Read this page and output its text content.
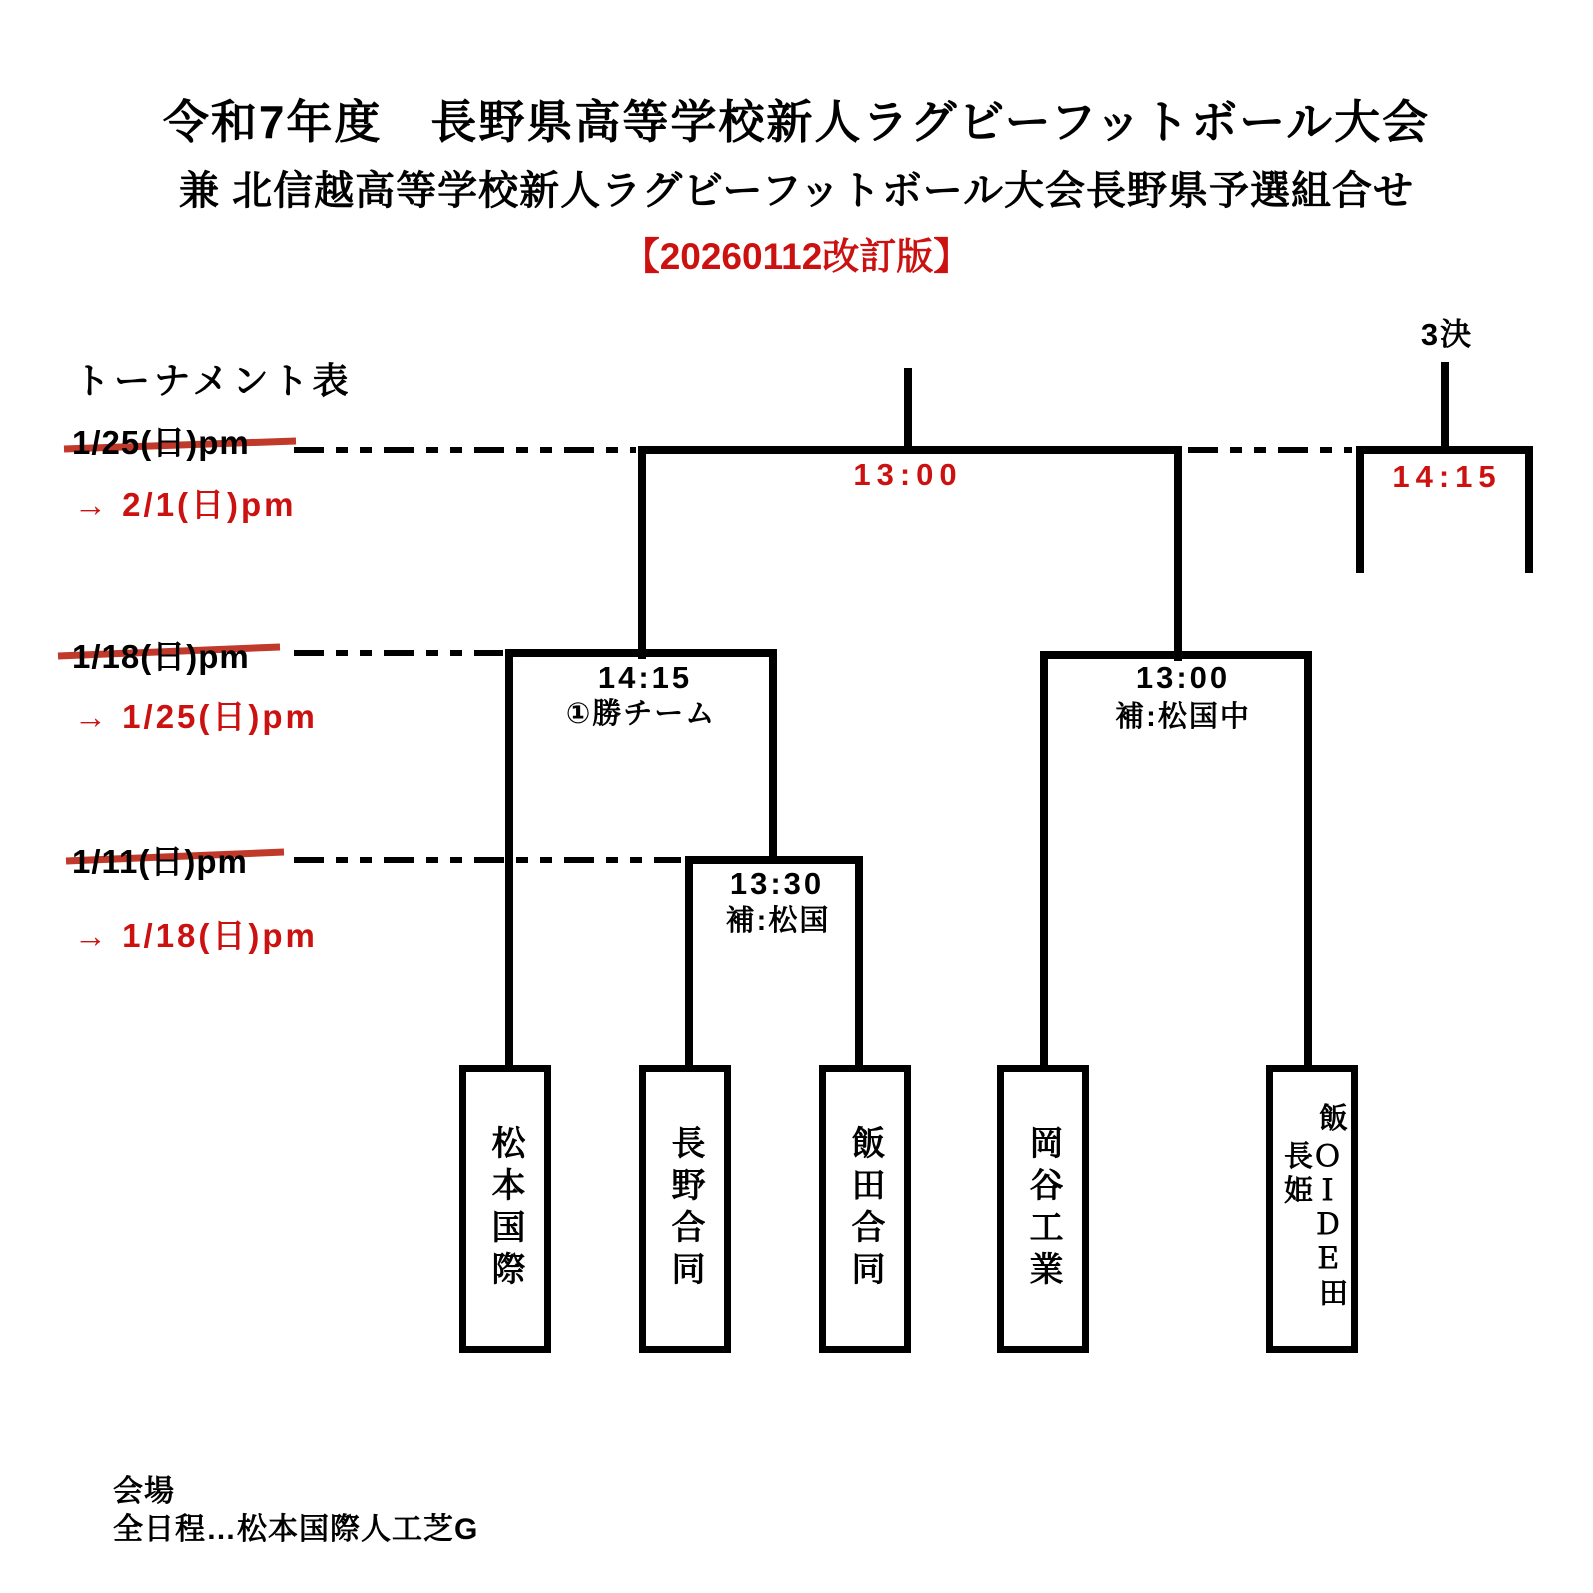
令和7年度　長野県高等学校新人ラグビーフットボール大会
兼 北信越高等学校新人ラグビーフットボール大会長野県予選組合せ
【20260112改訂版】
トーナメント表
1/25(日)pm
→ 2/1(日)pm
1/18(日)pm
→ 1/25(日)pm
1/11(日)pm
→ 1/18(日)pm
13:00
3決
14:15
14:15
①勝チーム
13:00
補:松国中
13:30
補:松国
松本国際	長野合同	飯田合同	岡谷工業
飯
田
ＯＩＤＥ長姫
会場
全日程…松本国際人工芝G
